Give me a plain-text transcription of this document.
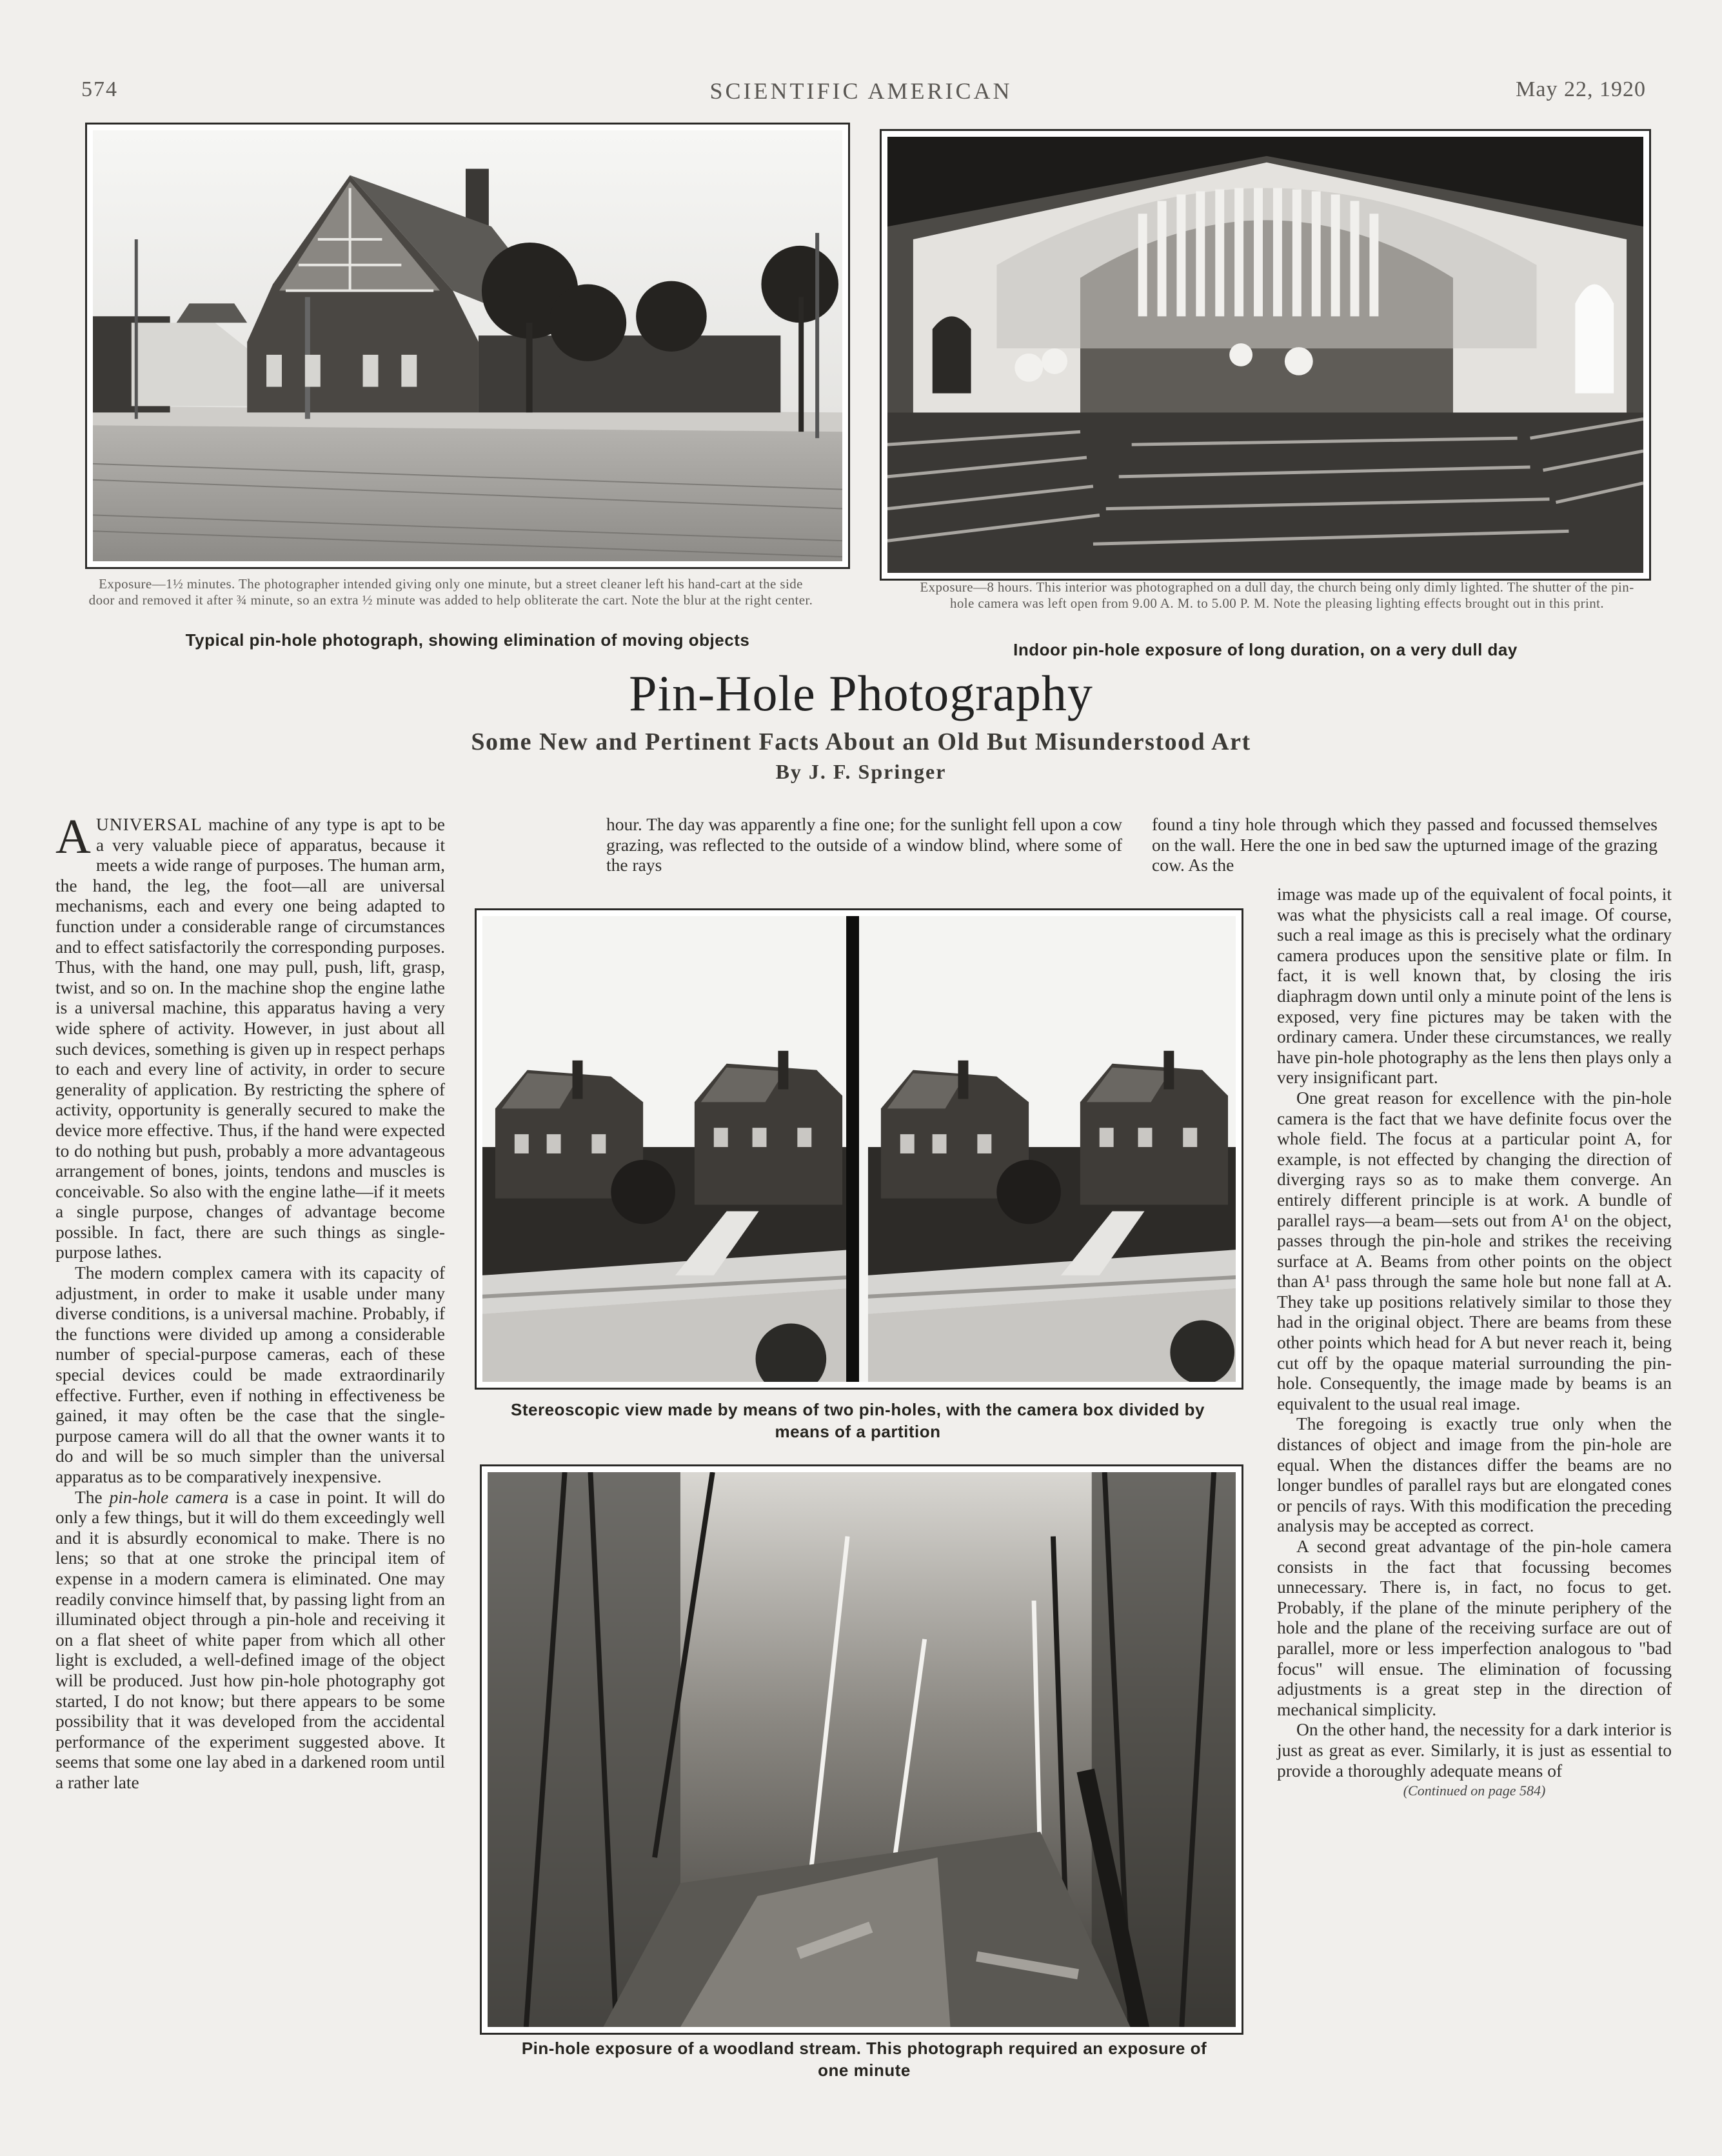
574	SCIENTIFIC AMERICAN	May 22, 1920
Exposure—1½ minutes. The photographer intended giving only one minute, but a street cleaner left his hand-cart at the side door and removed it after ¾ minute, so an extra ½ minute was added to help obliterate the cart. Note the blur at the right center.
Typical pin-hole photograph, showing elimination of moving objects
Exposure—8 hours. This interior was photographed on a dull day, the church being only dimly lighted. The shutter of the pin-hole camera was left open from 9.00 A. M. to 5.00 P. M. Note the pleasing lighting effects brought out in this print.
Indoor pin-hole exposure of long duration, on a very dull day
Pin-Hole Photography
Some New and Pertinent Facts About an Old But Misunderstood Art
By J. F. Springer

AUNIVERSAL machine of any type is apt to be a very valuable piece of apparatus, because it meets a wide range of purposes. The human arm, the hand, the leg, the foot—all are universal mechanisms, each and every one being adapted to function under a considerable range of circumstances and to effect satisfactorily the corresponding purposes. Thus, with the hand, one may pull, push, lift, grasp, twist, and so on. In the machine shop the engine lathe is a universal machine, this apparatus having a very wide sphere of activity. However, in just about all such devices, something is given up in respect perhaps to each and every line of activity, in order to secure generality of application. By restricting the sphere of activity, opportunity is generally secured to make the device more effective. Thus, if the hand were expected to do nothing but push, probably a more advantageous arrangement of bones, joints, tendons and muscles is conceivable. So also with the engine lathe—if it meets a single purpose, changes of advantage become possible. In fact, there are such things as single-purpose lathes.

The modern complex camera with its capacity of adjustment, in order to make it usable under many diverse conditions, is a universal machine. Probably, if the functions were divided up among a considerable number of special-purpose cameras, each of these special devices could be made extraordinarily effective. Further, even if nothing in effectiveness be gained, it may often be the case that the single-purpose camera will do all that the owner wants it to do and will be so much simpler than the universal apparatus as to be comparatively inexpensive.

The pin-hole camera is a case in point. It will do only a few things, but it will do them exceedingly well and it is absurdly economical to make. There is no lens; so that at one stroke the principal item of expense in a modern camera is eliminated. One may readily convince himself that, by passing light from an illuminated object through a pin-hole and receiving it on a flat sheet of white paper from which all other light is excluded, a well-defined image of the object will be produced. Just how pin-hole photography got started, I do not know; but there appears to be some possibility that it was developed from the accidental performance of the experiment suggested above. It seems that some one lay abed in a darkened room until a rather late

hour. The day was apparently a fine one; for the sunlight fell upon a cow grazing, was reflected to the outside of a window blind, where some of the rays
found a tiny hole through which they passed and focussed themselves on the wall. Here the one in bed saw the upturned image of the grazing cow. As the

image was made up of the equivalent of focal points, it was what the physicists call a real image. Of course, such a real image as this is precisely what the ordinary camera produces upon the sensitive plate or film. In fact, it is well known that, by closing the iris diaphragm down until only a minute point of the lens is exposed, very fine pictures may be taken with the ordinary camera. Under these circumstances, we really have pin-hole photography as the lens then plays only a very insignificant part.

One great reason for excellence with the pin-hole camera is the fact that we have definite focus over the whole field. The focus at a particular point A, for example, is not effected by changing the direction of diverging rays so as to make them converge. An entirely different principle is at work. A bundle of parallel rays—a beam—sets out from A¹ on the object, passes through the pin-hole and strikes the receiving surface at A. Beams from other points on the object than A¹ pass through the same hole but none fall at A. They take up positions relatively similar to those they had in the original object. There are beams from these other points which head for A but never reach it, being cut off by the opaque material surrounding the pin-hole. Consequently, the image made by beams is an equivalent to the usual real image.

The foregoing is exactly true only when the distances of object and image from the pin-hole are equal. When the distances differ the beams are no longer bundles of parallel rays but are elongated cones or pencils of rays. With this modification the preceding analysis may be accepted as correct.

A second great advantage of the pin-hole camera consists in the fact that focussing becomes unnecessary. There is, in fact, no focus to get. Probably, if the plane of the minute periphery of the hole and the plane of the receiving surface are out of parallel, more or less imperfection analogous to "bad focus" will ensue. The elimination of focussing adjustments is a great step in the direction of mechanical simplicity.

On the other hand, the necessity for a dark interior is just as great as ever. Similarly, it is just as essential to provide a thoroughly adequate means of

(Continued on page 584)
Stereoscopic view made by means of two pin-holes, with the camera box divided by means of a partition
Pin-hole exposure of a woodland stream. This photograph required an exposure of one minute
